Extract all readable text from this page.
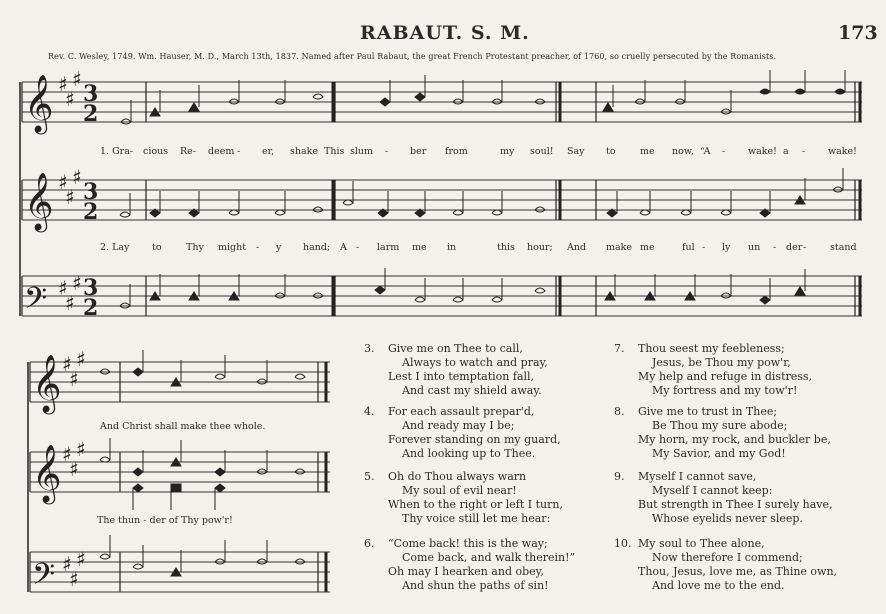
RABAUT. S. M.	173
Rev. C. Wesley, 1749. Wm. Hauser, M. D., March 13th, 1837. Named after Paul Rabaut, the great French Protestant preacher, of 1760, so cruelly persecuted by the Romanists.
𝄞 ♯
♯
♯
3
2
𝄞 ♯
♯
♯
3
2
𝄢 ♯
♯
♯ 3
2
𝄞 ♯
♯
♯
𝄞 ♯
♯
♯
𝄢 ♯
♯
♯
And Christ shall make thee whole.
The thun - der of Thy pow'r!
3. Give me on Thee to call,
Always to watch and pray,
Lest I into temptation fall,
And cast my shield away.
4. For each assault prepar'd,
And ready may I be;
Forever standing on my guard,
And looking up to Thee.
5. Oh do Thou always warn
My soul of evil near!
When to the right or left I turn,
Thy voice still let me hear:
6. “Come back! this is the way;
Come back, and walk therein!”
Oh may I hearken and obey,
And shun the paths of sin!
7. Thou seest my feebleness;
Jesus, be Thou my pow'r,
My help and refuge in distress,
My fortress and my tow'r!
8. Give me to trust in Thee;
Be Thou my sure abode;
My horn, my rock, and buckler be,
My Savior, and my God!
9. Myself I cannot save,
Myself I cannot keep:
But strength in Thee I surely have,
Whose eyelids never sleep.
10. My soul to Thee alone,
Now therefore I commend;
Thou, Jesus, love me, as Thine own,
And love me to the end.
1. Gra- cious Re- deem - er, shake This slum - ber from	my soul! Say to	me now, “A - wake! a - wake!
2. Lay to	Thy might - y hand; A - larm me in	this hour; And make me	ful - ly un - der -	stand
